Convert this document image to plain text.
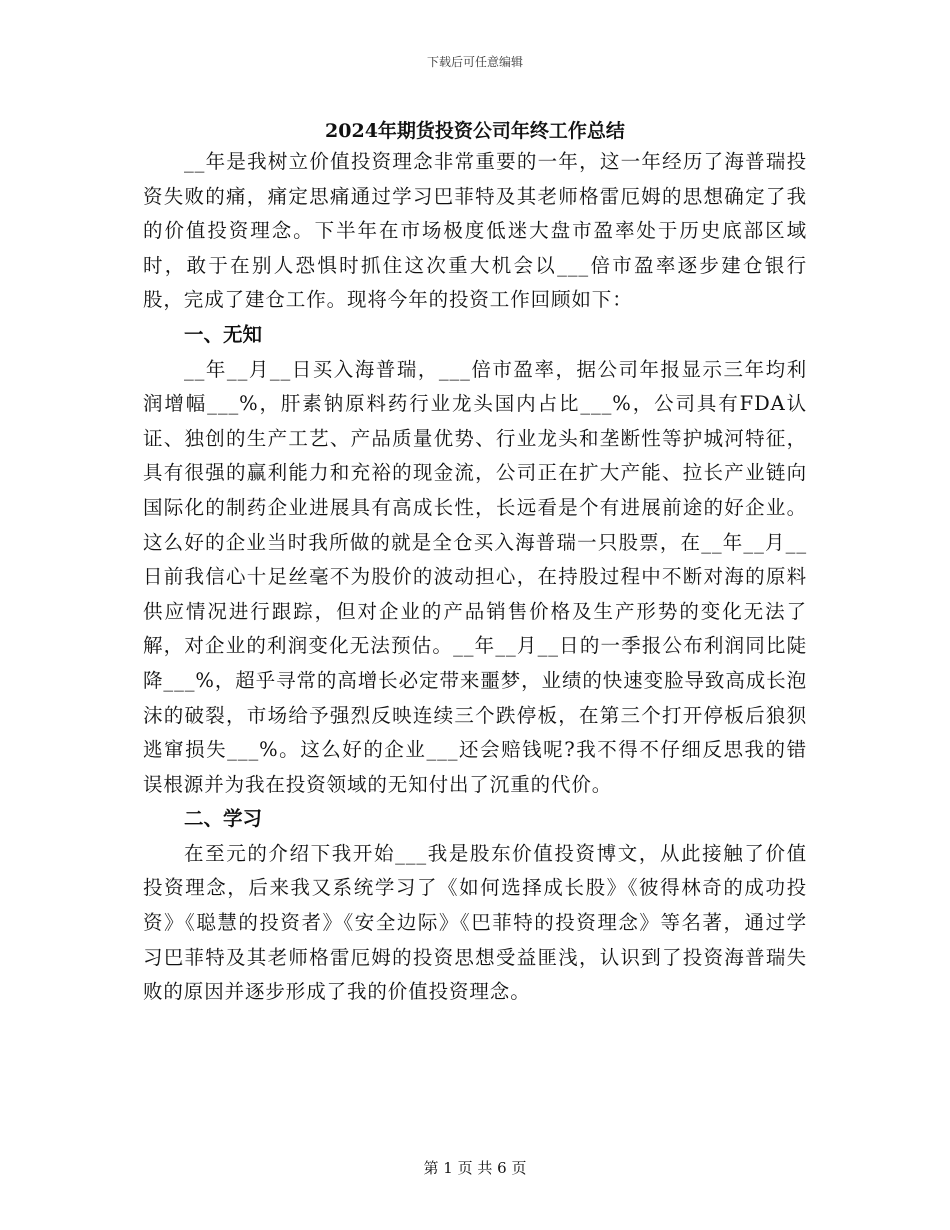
下载后可任意编辑
2024年期货投资公司年终工作总结

__年是我树立价值投资理念非常重要的一年，这一年经历了海普瑞投资失败的痛，痛定思痛通过学习巴菲特及其老师格雷厄姆的思想确定了我的价值投资理念。下半年在市场极度低迷大盘市盈率处于历史底部区域时，敢于在别人恐惧时抓住这次重大机会以___倍市盈率逐步建仓银行股，完成了建仓工作。现将今年的投资工作回顾如下：

一、无知

__年__月__日买入海普瑞，___倍市盈率，据公司年报显示三年均利润增幅___%，肝素钠原料药行业龙头国内占比___%，公司具有FDA认证、独创的生产工艺、产品质量优势、行业龙头和垄断性等护城河特征，具有很强的赢利能力和充裕的现金流，公司正在扩大产能、拉长产业链向国际化的制药企业进展具有高成长性，长远看是个有进展前途的好企业。这么好的企业当时我所做的就是全仓买入海普瑞一只股票，在__年__月__日前我信心十足丝毫不为股价的波动担心，在持股过程中不断对海的原料供应情况进行跟踪，但对企业的产品销售价格及生产形势的变化无法了解，对企业的利润变化无法预估。__年__月__日的一季报公布利润同比陡降___%，超乎寻常的高增长必定带来噩梦，业绩的快速变脸导致高成长泡沫的破裂，市场给予强烈反映连续三个跌停板，在第三个打开停板后狼狈逃窜损失___%。这么好的企业___还会赔钱呢?我不得不仔细反思我的错误根源并为我在投资领域的无知付出了沉重的代价。

二、学习

在至元的介绍下我开始___我是股东价值投资博文，从此接触了价值投资理念，后来我又系统学习了《如何选择成长股》《彼得林奇的成功投资》《聪慧的投资者》《安全边际》《巴菲特的投资理念》等名著，通过学习巴菲特及其老师格雷厄姆的投资思想受益匪浅，认识到了投资海普瑞失败的原因并逐步形成了我的价值投资理念。

第 1 页 共 6 页
